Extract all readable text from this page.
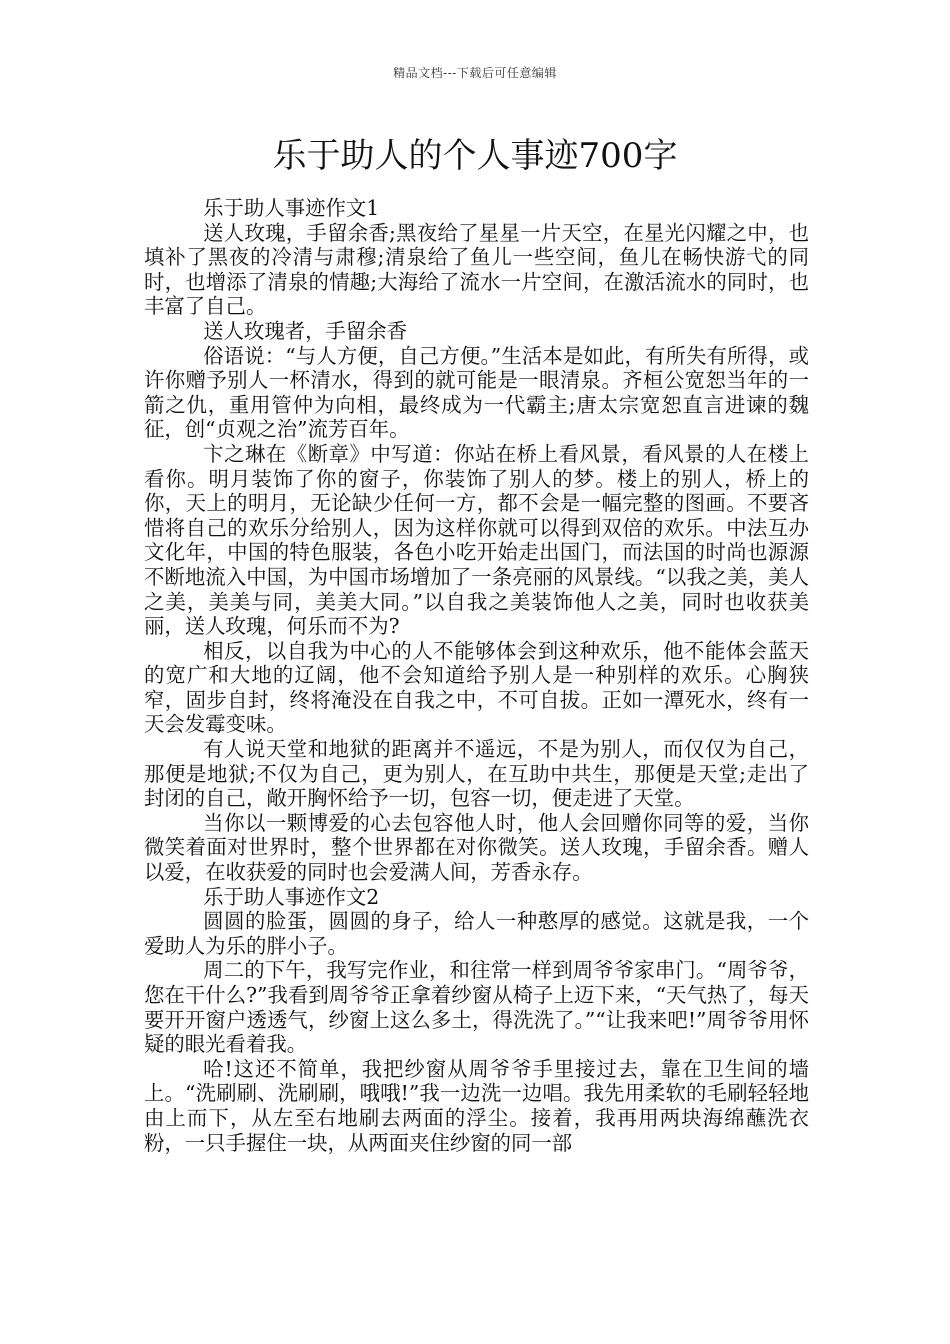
精品文档---下载后可任意编辑
乐于助人的个人事迹700字

乐于助人事迹作文1

送人玫瑰，手留余香;黑夜给了星星一片天空，在星光闪耀之中，也填补了黑夜的冷清与肃穆;清泉给了鱼儿一些空间，鱼儿在畅快游弋的同时，也增添了清泉的情趣;大海给了流水一片空间，在激活流水的同时，也丰富了自己。

送人玫瑰者，手留余香

俗语说：“与人方便，自己方便。”生活本是如此，有所失有所得，或许你赠予别人一杯清水，得到的就可能是一眼清泉。齐桓公宽恕当年的一箭之仇，重用管仲为向相，最终成为一代霸主;唐太宗宽恕直言进谏的魏征，创“贞观之治”流芳百年。

卞之琳在《断章》中写道：你站在桥上看风景，看风景的人在楼上看你。明月装饰了你的窗子，你装饰了别人的梦。楼上的别人，桥上的你，天上的明月，无论缺少任何一方，都不会是一幅完整的图画。不要吝惜将自己的欢乐分给别人，因为这样你就可以得到双倍的欢乐。中法互办文化年，中国的特色服装，各色小吃开始走出国门，而法国的时尚也源源不断地流入中国，为中国市场增加了一条亮丽的风景线。“以我之美，美人之美，美美与同，美美大同。”以自我之美装饰他人之美，同时也收获美丽，送人玫瑰，何乐而不为?

相反，以自我为中心的人不能够体会到这种欢乐，他不能体会蓝天的宽广和大地的辽阔，他不会知道给予别人是一种别样的欢乐。心胸狭窄，固步自封，终将淹没在自我之中，不可自拔。正如一潭死水，终有一天会发霉变味。

有人说天堂和地狱的距离并不遥远，不是为别人，而仅仅为自己，那便是地狱;不仅为自己，更为别人，在互助中共生，那便是天堂;走出了封闭的自己，敞开胸怀给予一切，包容一切，便走进了天堂。

当你以一颗博爱的心去包容他人时，他人会回赠你同等的爱，当你微笑着面对世界时，整个世界都在对你微笑。送人玫瑰，手留余香。赠人以爱，在收获爱的同时也会爱满人间，芳香永存。

乐于助人事迹作文2

圆圆的脸蛋，圆圆的身子，给人一种憨厚的感觉。这就是我，一个爱助人为乐的胖小子。

周二的下午，我写完作业，和往常一样到周爷爷家串门。“周爷爷，您在干什么?”我看到周爷爷正拿着纱窗从椅子上迈下来，“天气热了，每天要开开窗户透透气，纱窗上这么多土，得洗洗了。”“让我来吧!”周爷爷用怀疑的眼光看着我。

哈!这还不简单，我把纱窗从周爷爷手里接过去，靠在卫生间的墙上。“洗刷刷、洗刷刷，哦哦!”我一边洗一边唱。我先用柔软的毛刷轻轻地由上而下，从左至右地刷去两面的浮尘。接着，我再用两块海绵蘸洗衣粉，一只手握住一块，从两面夹住纱窗的同一部
